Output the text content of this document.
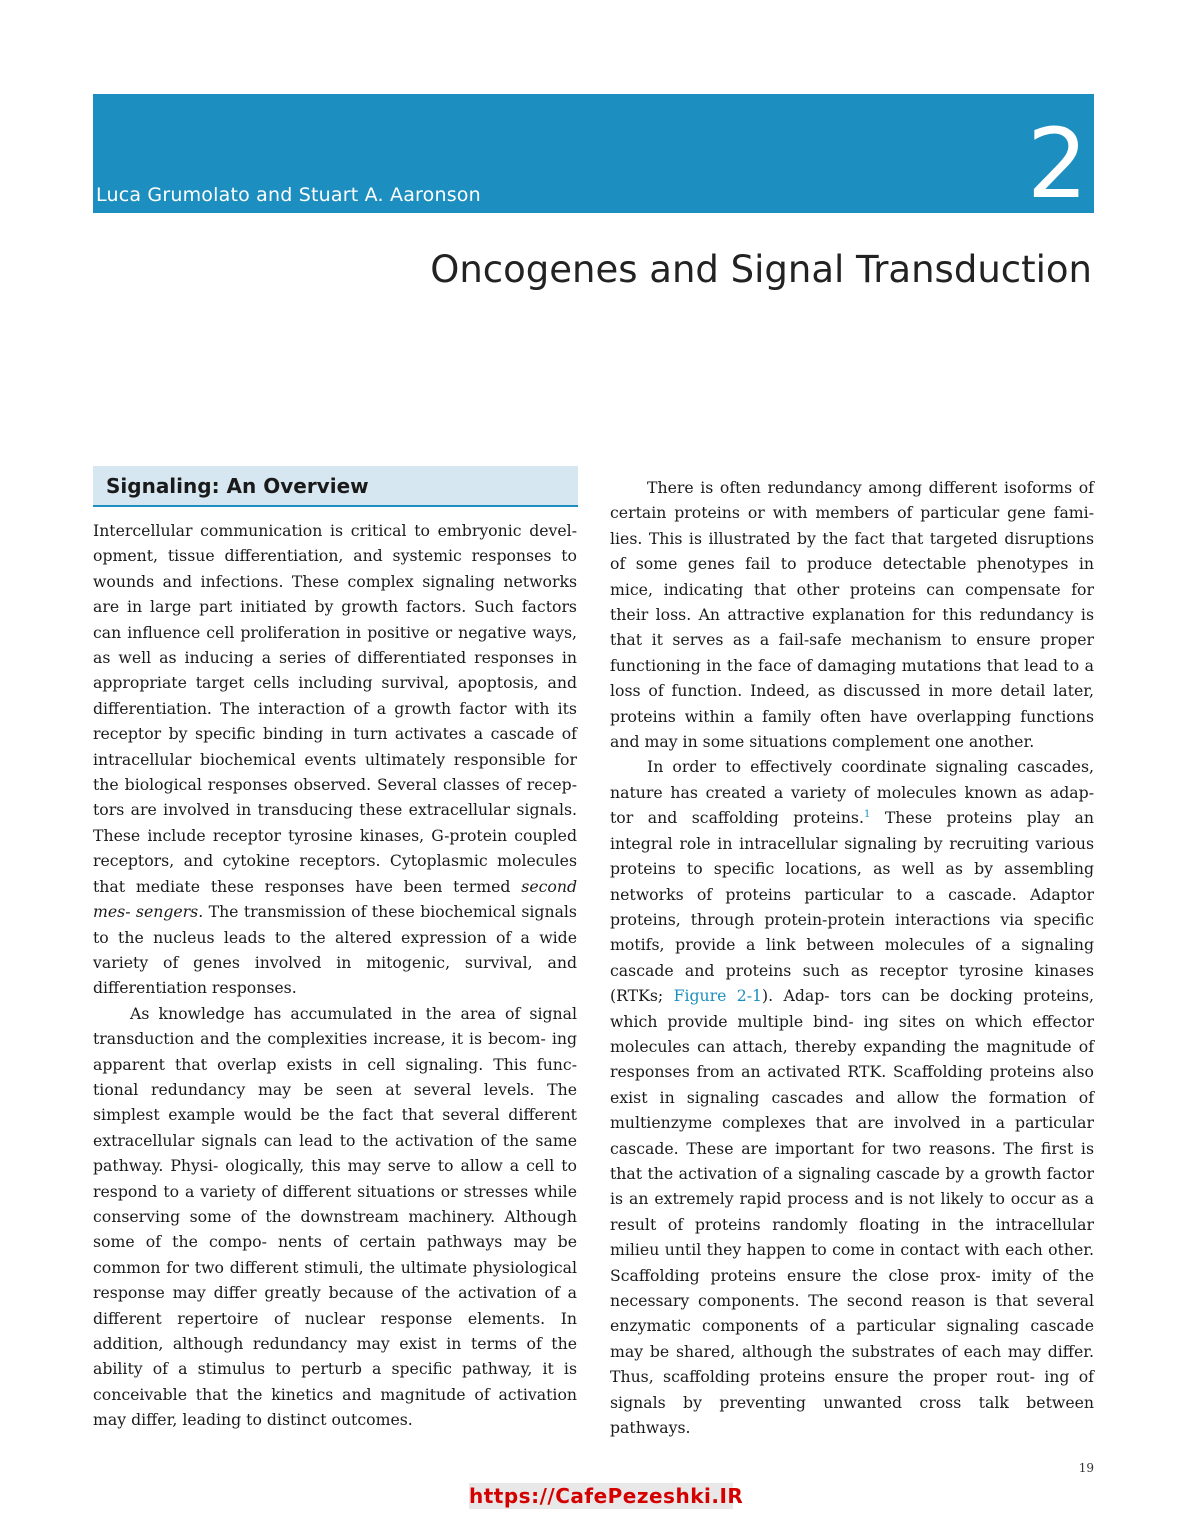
Luca Grumolato and Stuart A. Aaronson	2
Oncogenes and Signal Transduction
Signaling: An Overview

Intercellular communication is critical to embryonic devel- opment, tissue differentiation, and systemic responses to wounds and infections. These complex signaling networks are in large part initiated by growth factors. Such factors can influence cell proliferation in positive or negative ways, as well as inducing a series of differentiated responses in appropriate target cells including survival, apoptosis, and differentiation. The interaction of a growth factor with its receptor by specific binding in turn activates a cascade of intracellular biochemical events ultimately responsible for the biological responses observed. Several classes of recep- tors are involved in transducing these extracellular signals. These include receptor tyrosine kinases, G-protein coupled receptors, and cytokine receptors. Cytoplasmic molecules that mediate these responses have been termed second mes- sengers. The transmission of these biochemical signals to the nucleus leads to the altered expression of a wide variety of genes involved in mitogenic, survival, and differentiation responses.

As knowledge has accumulated in the area of signal transduction and the complexities increase, it is becom- ing apparent that overlap exists in cell signaling. This func- tional redundancy may be seen at several levels. The simplest example would be the fact that several different extracellular signals can lead to the activation of the same pathway. Physi- ologically, this may serve to allow a cell to respond to a variety of different situations or stresses while conserving some of the downstream machinery. Although some of the compo- nents of certain pathways may be common for two different stimuli, the ultimate physiological response may differ greatly because of the activation of a different repertoire of nuclear response elements. In addition, although redundancy may exist in terms of the ability of a stimulus to perturb a specific pathway, it is conceivable that the kinetics and magnitude of activation may differ, leading to distinct outcomes.

There is often redundancy among different isoforms of certain proteins or with members of particular gene fami- lies. This is illustrated by the fact that targeted disruptions of some genes fail to produce detectable phenotypes in mice, indicating that other proteins can compensate for their loss. An attractive explanation for this redundancy is that it serves as a fail-safe mechanism to ensure proper functioning in the face of damaging mutations that lead to a loss of function. Indeed, as discussed in more detail later, proteins within a family often have overlapping functions and may in some situations complement one another.

In order to effectively coordinate signaling cascades, nature has created a variety of molecules known as adap- tor and scaffolding proteins.$^1$ These proteins play an integral role in intracellular signaling by recruiting various proteins to specific locations, as well as by assembling networks of proteins particular to a cascade. Adaptor proteins, through protein-protein interactions via specific motifs, provide a link between molecules of a signaling cascade and proteins such as receptor tyrosine kinases (RTKs; Figure 2-1). Adap- tors can be docking proteins, which provide multiple bind- ing sites on which effector molecules can attach, thereby expanding the magnitude of responses from an activated RTK. Scaffolding proteins also exist in signaling cascades and allow the formation of multienzyme complexes that are involved in a particular cascade. These are important for two reasons. The first is that the activation of a signaling cascade by a growth factor is an extremely rapid process and is not likely to occur as a result of proteins randomly floating in the intracellular milieu until they happen to come in contact with each other. Scaffolding proteins ensure the close prox- imity of the necessary components. The second reason is that several enzymatic components of a particular signaling cascade may be shared, although the substrates of each may differ. Thus, scaffolding proteins ensure the proper rout- ing of signals by preventing unwanted cross talk between pathways.

19
https://CafePezeshki.IR
